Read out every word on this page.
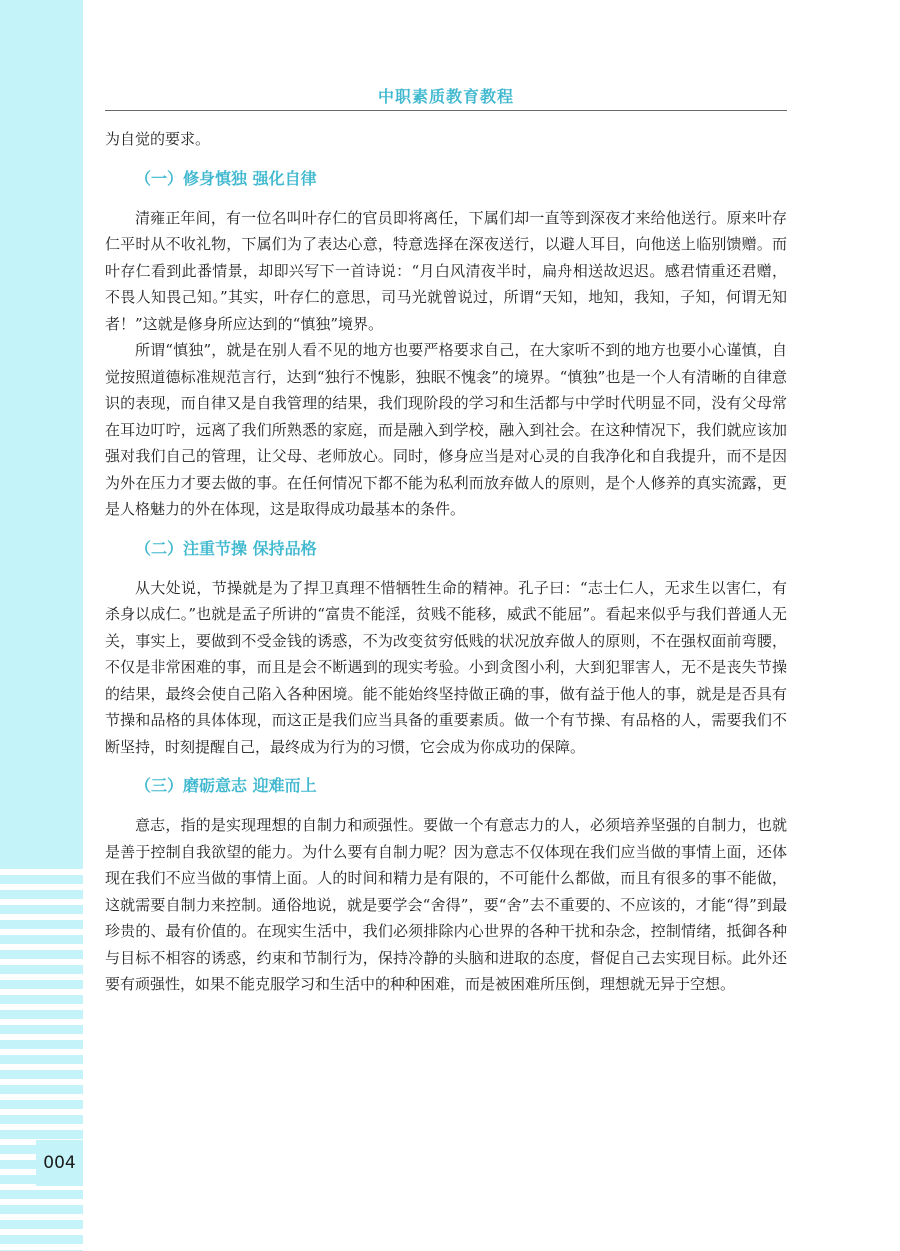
004
中职素质教育教程

为自觉的要求。

（一）修身慎独 强化自律

清雍正年间，有一位名叫叶存仁的官员即将离任，下属们却一直等到深夜才来给他送行。原来叶存仁平时从不收礼物，下属们为了表达心意，特意选择在深夜送行，以避人耳目，向他送上临别馈赠。而叶存仁看到此番情景，却即兴写下一首诗说：“月白风清夜半时，扁舟相送故迟迟。感君情重还君赠，不畏人知畏己知。”其实，叶存仁的意思，司马光就曾说过，所谓“天知，地知，我知，子知，何谓无知者！”这就是修身所应达到的“慎独”境界。

所谓“慎独”，就是在别人看不见的地方也要严格要求自己，在大家听不到的地方也要小心谨慎，自觉按照道德标准规范言行，达到“独行不愧影，独眠不愧衾”的境界。“慎独”也是一个人有清晰的自律意识的表现，而自律又是自我管理的结果，我们现阶段的学习和生活都与中学时代明显不同，没有父母常在耳边叮咛，远离了我们所熟悉的家庭，而是融入到学校，融入到社会。在这种情况下，我们就应该加强对我们自己的管理，让父母、老师放心。同时，修身应当是对心灵的自我净化和自我提升，而不是因为外在压力才要去做的事。在任何情况下都不能为私利而放弃做人的原则，是个人修养的真实流露，更是人格魅力的外在体现，这是取得成功最基本的条件。

（二）注重节操 保持品格

从大处说，节操就是为了捍卫真理不惜牺牲生命的精神。孔子曰：“志士仁人，无求生以害仁，有杀身以成仁。”也就是孟子所讲的“富贵不能淫，贫贱不能移，威武不能屈”。看起来似乎与我们普通人无关，事实上，要做到不受金钱的诱惑，不为改变贫穷低贱的状况放弃做人的原则，不在强权面前弯腰，不仅是非常困难的事，而且是会不断遇到的现实考验。小到贪图小利，大到犯罪害人，无不是丧失节操的结果，最终会使自己陷入各种困境。能不能始终坚持做正确的事，做有益于他人的事，就是是否具有节操和品格的具体体现，而这正是我们应当具备的重要素质。做一个有节操、有品格的人，需要我们不断坚持，时刻提醒自己，最终成为行为的习惯，它会成为你成功的保障。

（三）磨砺意志 迎难而上

意志，指的是实现理想的自制力和顽强性。要做一个有意志力的人，必须培养坚强的自制力，也就是善于控制自我欲望的能力。为什么要有自制力呢？因为意志不仅体现在我们应当做的事情上面，还体现在我们不应当做的事情上面。人的时间和精力是有限的，不可能什么都做，而且有很多的事不能做，这就需要自制力来控制。通俗地说，就是要学会“舍得”，要“舍”去不重要的、不应该的，才能“得”到最珍贵的、最有价值的。在现实生活中，我们必须排除内心世界的各种干扰和杂念，控制情绪，抵御各种与目标不相容的诱惑，约束和节制行为，保持冷静的头脑和进取的态度，督促自己去实现目标。此外还要有顽强性，如果不能克服学习和生活中的种种困难，而是被困难所压倒，理想就无异于空想。
